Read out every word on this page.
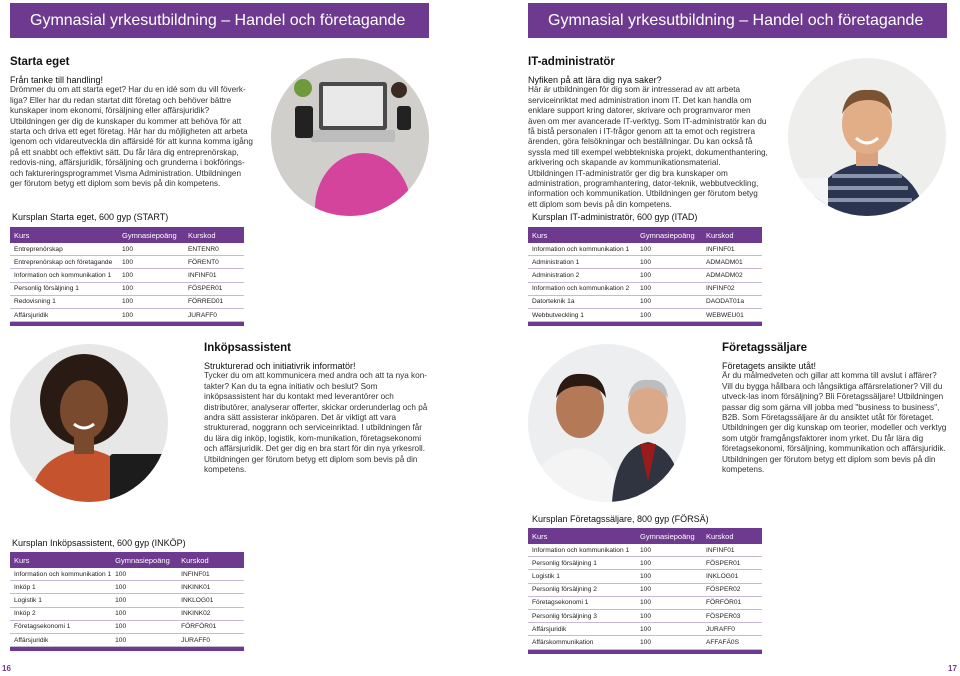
Gymnasial yrkesutbildning – Handel och företagande	Gymnasial yrkesutbildning – Handel och företagande
Starta eget

Från tanke till handling!

Drömmer du om att starta eget? Har du en idé som du vill föverk- liga? Eller har du redan startat ditt företag och behöver bättre kunskaper inom ekonomi, försäljning eller affärsjuridik? Utbildningen ger dig de kunskaper du kommer att behöva för att starta och driva ett eget företag. Här har du möjligheten att arbeta igenom och vidareutveckla din affärsidé för att kunna komma igång på ett snabbt och effektivt sätt. Du får lära dig entreprenörskap, redovis-ning, affärsjuridik, försäljning och grunderna i bokförings- och faktureringsprogrammet Visma Administration. Utbildningen ger förutom betyg ett diplom som bevis på din kompetens.

Kursplan Starta eget, 600 gyp (START)
Kurs	Gymnasiepoäng	Kurskod
Entreprenörskap	100	ENTENR0
Entreprenörskap och företagande	100	FÖRENT0
Information och kommunikation 1	100	INFINF01
Personlig försäljning 1	100	FÖSPER01
Redovisning 1	100	FÖRRED01
Affärsjuridik	100	JURAFF0

IT-administratör

Nyfiken på att lära dig nya saker?

Här är utbildningen för dig som är intresserad av att arbeta serviceinriktat med administration inom IT. Det kan handla om enklare support kring datorer, skrivare och programvaror men även om mer avancerade IT-verktyg. Som IT-administratör kan du få bistå personalen i IT-frågor genom att ta emot och registrera ärenden, göra felsökningar och beställningar. Du kan också få syssla med till exempel webbtekniska projekt, dokumenthantering, arkivering och skapande av kommunikationsmaterial. Utbildningen IT-administratör ger dig bra kunskaper om administration, programhantering, dator-teknik, webbutveckling, information och kommunikation. Utbildningen ger förutom betyg ett diplom som bevis på din kompetens.

Kursplan IT-administratör, 600 gyp (ITAD)
Kurs	Gymnasiepoäng	Kurskod
Information och kommunikation 1	100	INFINF01
Administration 1	100	ADMADM01
Administration 2	100	ADMADM02
Information och kommunikation 2	100	INFINF02
Datorteknik 1a	100	DAODAT01a
Webbutveckling 1	100	WEBWEU01

Inköpsassistent

Strukturerad och initiativrik informatör!

Tycker du om att kommunicera med andra och att ta nya kon-takter? Kan du ta egna initiativ och beslut? Som inköpsassistent har du kontakt med leverantörer och distributörer, analyserar offerter, skickar orderunderlag och på andra sätt assisterar inköparen. Det är viktigt att vara strukturerad, noggrann och serviceinriktad. I utbildningen får du lära dig inköp, logistik, kom-munikation, företagsekonomi och affärsjuridik. Det ger dig en bra start för din nya yrkesroll. Utbildningen ger förutom betyg ett diplom som bevis på din kompetens.

Kursplan Inköpsassistent, 600 gyp (INKÖP)
Kurs	Gymnasiepoäng	Kurskod
Information och kommunikation 1	100	INFINF01
Inköp 1	100	INKINK01
Logistik 1	100	INKLOG01
Inköp 2	100	INKINK02
Företagsekonomi 1	100	FÖRFÖR01
Affärsjuridik	100	JURAFF0

Företagssäljare

Företagets ansikte utåt!

Är du målmedveten och gillar att komma till avslut i affärer? Vill du bygga hållbara och långsiktiga affärsrelationer? Vill du utveck-las inom försäljning? Bli Företagssäljare! Utbildningen passar dig som gärna vill jobba med "business to business", B2B. Som Företagssäljare är du ansiktet utåt för företaget. Utbildningen ger dig kunskap om teorier, modeller och verktyg som utgör framgångsfaktorer inom yrket. Du får lära dig företagsekonomi, försäljning, kommunikation och affärsjuridik. Utbildningen ger förutom betyg ett diplom som bevis på din kompetens.

Kursplan Företagssäljare, 800 gyp (FÖRSÄ)
Kurs	Gymnasiepoäng	Kurskod
Information och kommunikation 1	100	INFINF01
Personlig försäljning 1	100	FÖSPER01
Logistik 1	100	INKLOG01
Personlig försäljning 2	100	FÖSPER02
Företagsekonomi 1	100	FÖRFÖR01
Personlig försäljning 3	100	FÖSPER03
Affärsjuridik	100	JURAFF0
Affärskommunikation	100	AFFAFÄ0S

16	17
